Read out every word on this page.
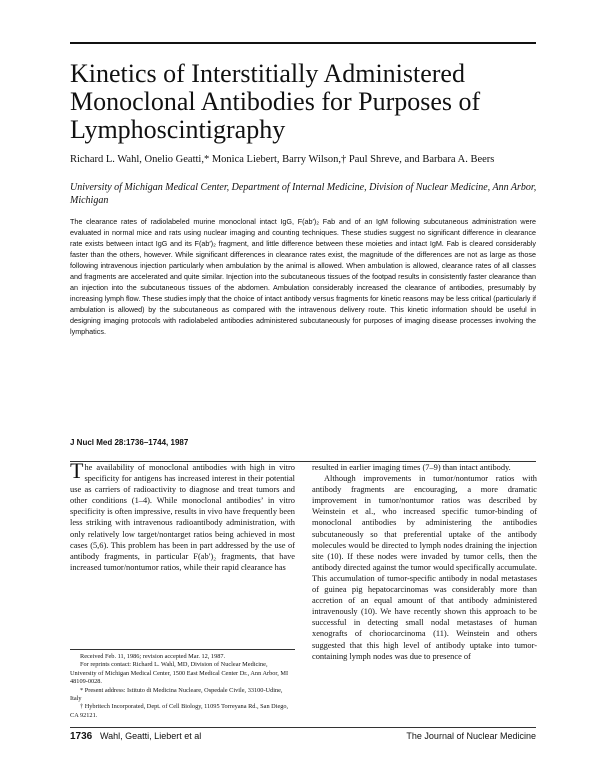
Kinetics of Interstitially Administered Monoclonal Antibodies for Purposes of Lymphoscintigraphy
Richard L. Wahl, Onelio Geatti,* Monica Liebert, Barry Wilson,† Paul Shreve, and Barbara A. Beers
University of Michigan Medical Center, Department of Internal Medicine, Division of Nuclear Medicine, Ann Arbor, Michigan
The clearance rates of radiolabeled murine monoclonal intact IgG, F(ab′)₂ Fab and of an IgM following subcutaneous administration were evaluated in normal mice and rats using nuclear imaging and counting techniques. These studies suggest no significant difference in clearance rate exists between intact IgG and its F(ab′)₂ fragment, and little difference between these moieties and intact IgM. Fab is cleared considerably faster than the others, however. While significant differences in clearance rates exist, the magnitude of the differences are not as large as those following intravenous injection particularly when ambulation by the animal is allowed. When ambulation is allowed, clearance rates of all classes and fragments are accelerated and quite similar. Injection into the subcutaneous tissues of the footpad results in consistently faster clearance than an injection into the subcutaneous tissues of the abdomen. Ambulation considerably increased the clearance of antibodies, presumably by increasing lymph flow. These studies imply that the choice of intact antibody versus fragments for kinetic reasons may be less critical (particularly if ambulation is allowed) by the subcutaneous as compared with the intravenous delivery route. This kinetic information should be useful in designing imaging protocols with radiolabeled antibodies administered subcutaneously for purposes of imaging disease processes involving the lymphatics.
J Nucl Med 28:1736–1744, 1987

The availability of monoclonal antibodies with high in vitro specificity for antigens has increased interest in their potential use as carriers of radioactivity to diagnose and treat tumors and other conditions (1–4). While monoclonal antibodies’ in vitro specificity is often impressive, results in vivo have frequently been less striking with intravenous radioantibody administration, with only relatively low target/nontarget ratios being achieved in most cases (5,6). This problem has been in part addressed by the use of antibody fragments, in particular F(ab′)₂ fragments, that have increased tumor/nontumor ratios, while their rapid clearance has

Received Feb. 11, 1986; revision accepted Mar. 12, 1987.

For reprints contact: Richard L. Wahl, MD, Division of Nuclear Medicine, University of Michigan Medical Center, 1500 East Medical Center Dr., Ann Arbor, MI 48109-0028.

* Present address: Istituto di Medicina Nucleare, Ospedale Civile, 33100-Udine, Italy

† Hybritech Incorporated, Dept. of Cell Biology, 11095 Torreyana Rd., San Diego, CA 92121.

resulted in earlier imaging times (7–9) than intact antibody.

Although improvements in tumor/nontumor ratios with antibody fragments are encouraging, a more dramatic improvement in tumor/nontumor ratios was described by Weinstein et al., who increased specific tumor-binding of monoclonal antibodies by administering the antibodies subcutaneously so that preferential uptake of the antibody molecules would be directed to lymph nodes draining the injection site (10). If these nodes were invaded by tumor cells, then the antibody directed against the tumor would specifically accumulate. This accumulation of tumor-specific antibody in nodal metastases of guinea pig hepatocarcinomas was considerably more than accretion of an equal amount of that antibody administered intravenously (10). We have recently shown this approach to be successful in detecting small nodal metastases of human xenografts of choriocarcinoma (11). Weinstein and others suggested that this high level of antibody uptake into tumor-containing lymph nodes was due to presence of

1736 Wahl, Geatti, Liebert et al	The Journal of Nuclear Medicine
